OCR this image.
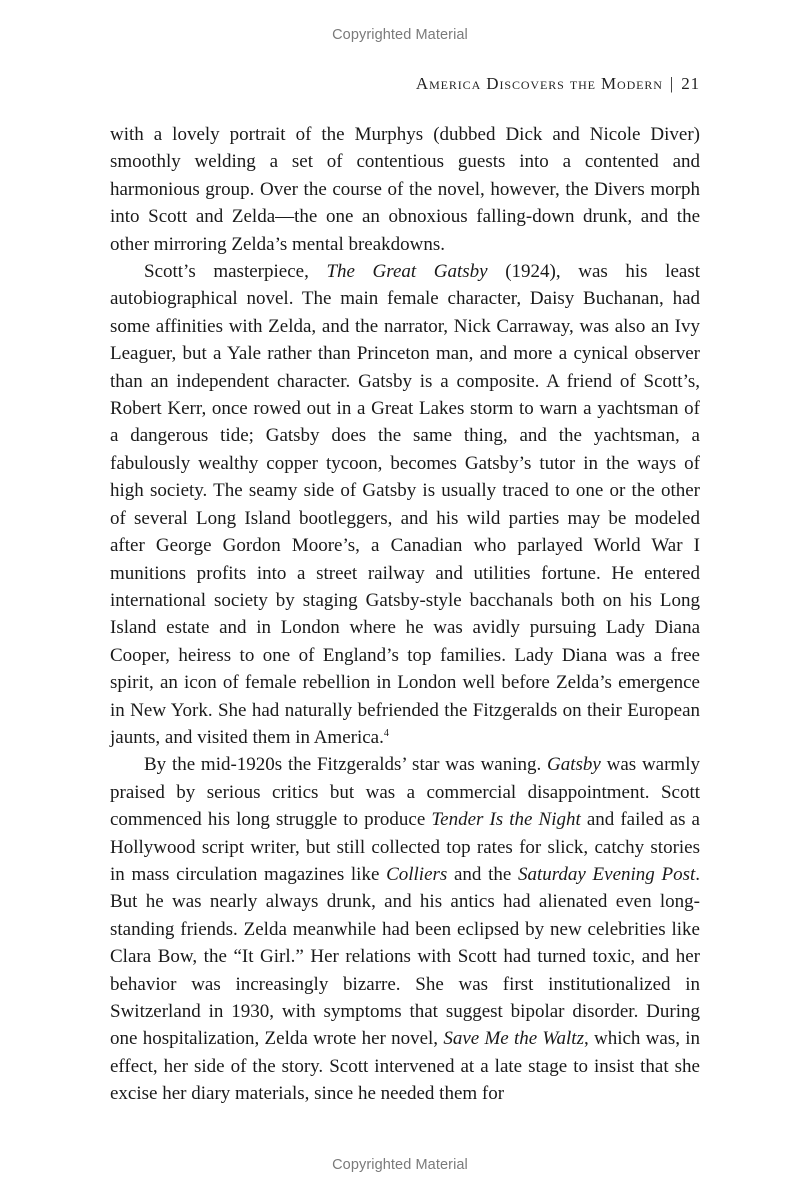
Copyrighted Material
America Discovers the Modern | 21

with a lovely portrait of the Murphys (dubbed Dick and Nicole Diver) smoothly welding a set of contentious guests into a contented and harmonious group. Over the course of the novel, however, the Divers morph into Scott and Zelda—the one an obnoxious falling-down drunk, and the other mirroring Zelda’s mental breakdowns.

Scott’s masterpiece, The Great Gatsby (1924), was his least autobiographical novel. The main female character, Daisy Buchanan, had some affinities with Zelda, and the narrator, Nick Carraway, was also an Ivy Leaguer, but a Yale rather than Princeton man, and more a cynical observer than an independent character. Gatsby is a composite. A friend of Scott’s, Robert Kerr, once rowed out in a Great Lakes storm to warn a yachtsman of a dangerous tide; Gatsby does the same thing, and the yachtsman, a fabulously wealthy copper tycoon, becomes Gatsby’s tutor in the ways of high society. The seamy side of Gatsby is usually traced to one or the other of several Long Island bootleggers, and his wild parties may be modeled after George Gordon Moore’s, a Canadian who parlayed World War I munitions profits into a street railway and utilities fortune. He entered international society by staging Gatsby-style bacchanals both on his Long Island estate and in London where he was avidly pursuing Lady Diana Cooper, heiress to one of England’s top families. Lady Diana was a free spirit, an icon of female rebellion in London well before Zelda’s emergence in New York. She had naturally befriended the Fitzgeralds on their European jaunts, and visited them in America.$^4$

By the mid-1920s the Fitzgeralds’ star was waning. Gatsby was warmly praised by serious critics but was a commercial disappointment. Scott commenced his long struggle to produce Tender Is the Night and failed as a Hollywood script writer, but still collected top rates for slick, catchy stories in mass circulation magazines like Colliers and the Saturday Evening Post. But he was nearly always drunk, and his antics had alienated even long-standing friends. Zelda meanwhile had been eclipsed by new celebrities like Clara Bow, the “It Girl.” Her relations with Scott had turned toxic, and her behavior was increasingly bizarre. She was first institutionalized in Switzerland in 1930, with symptoms that suggest bipolar disorder. During one hospitalization, Zelda wrote her novel, Save Me the Waltz, which was, in effect, her side of the story. Scott intervened at a late stage to insist that she excise her diary materials, since he needed them for

Copyrighted Material
